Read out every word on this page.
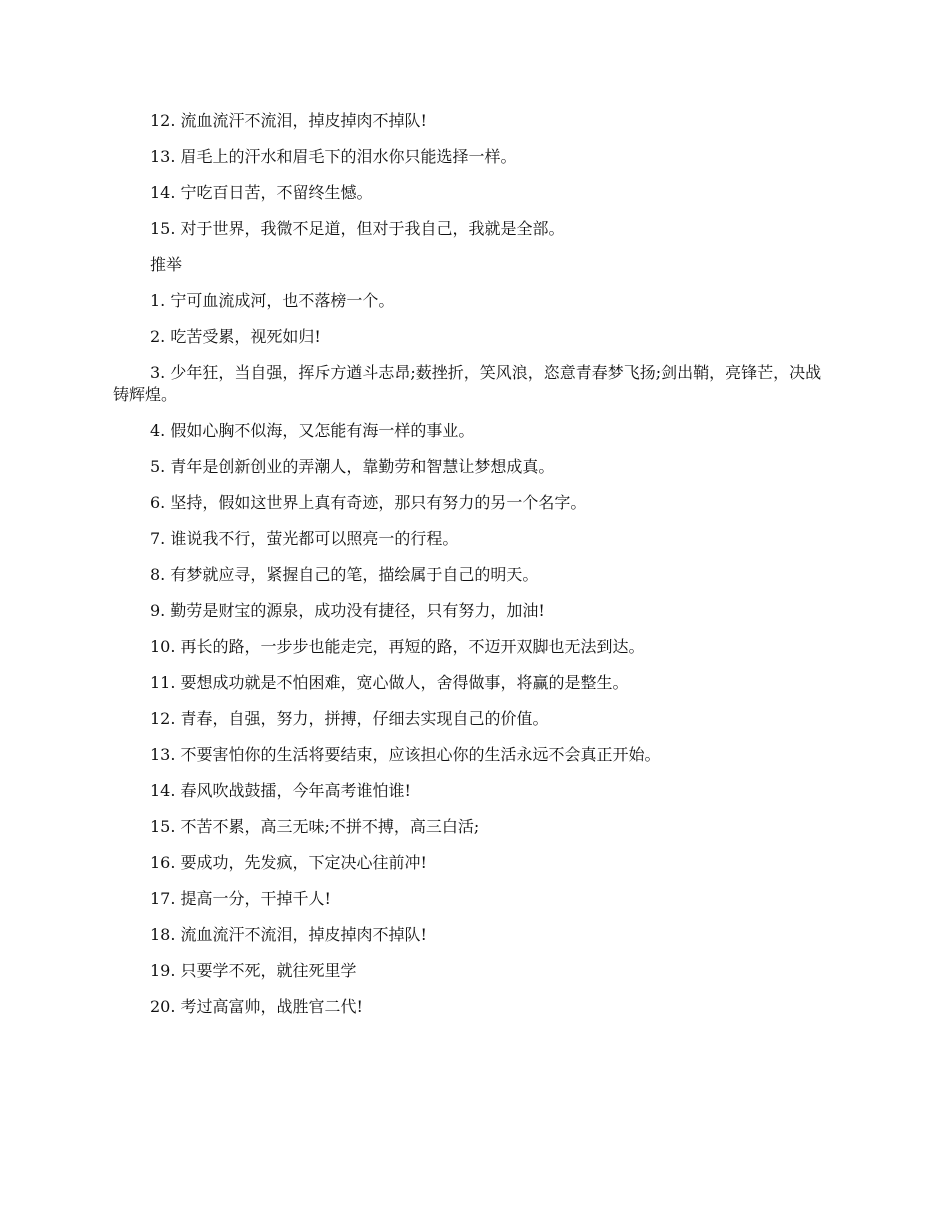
12. 流血流汗不流泪，掉皮掉肉不掉队!

13. 眉毛上的汗水和眉毛下的泪水你只能选择一样。

14. 宁吃百日苦，不留终生憾。

15. 对于世界，我微不足道，但对于我自己，我就是全部。

推举

1. 宁可血流成河，也不落榜一个。

2. 吃苦受累，视死如归!

3. 少年狂，当自强，挥斥方遒斗志昂;薮挫折，笑风浪，恣意青春梦飞扬;剑出鞘，亮锋芒，决战铸辉煌。

4. 假如心胸不似海，又怎能有海一样的事业。

5. 青年是创新创业的弄潮人，靠勤劳和智慧让梦想成真。

6. 坚持，假如这世界上真有奇迹，那只有努力的另一个名字。

7. 谁说我不行，萤光都可以照亮一的行程。

8. 有梦就应寻，紧握自己的笔，描绘属于自己的明天。

9. 勤劳是财宝的源泉，成功没有捷径，只有努力，加油!

10. 再长的路，一步步也能走完，再短的路，不迈开双脚也无法到达。

11. 要想成功就是不怕困难，宽心做人，舍得做事，将赢的是整生。

12. 青春，自强，努力，拼搏，仔细去实现自己的价值。

13. 不要害怕你的生活将要结束，应该担心你的生活永远不会真正开始。

14. 春风吹战鼓擂，今年高考谁怕谁!

15. 不苦不累，高三无味;不拼不搏，高三白活;

16. 要成功，先发疯，下定决心往前冲!

17. 提高一分，干掉千人!

18. 流血流汗不流泪，掉皮掉肉不掉队!

19. 只要学不死，就往死里学

20. 考过高富帅，战胜官二代!
